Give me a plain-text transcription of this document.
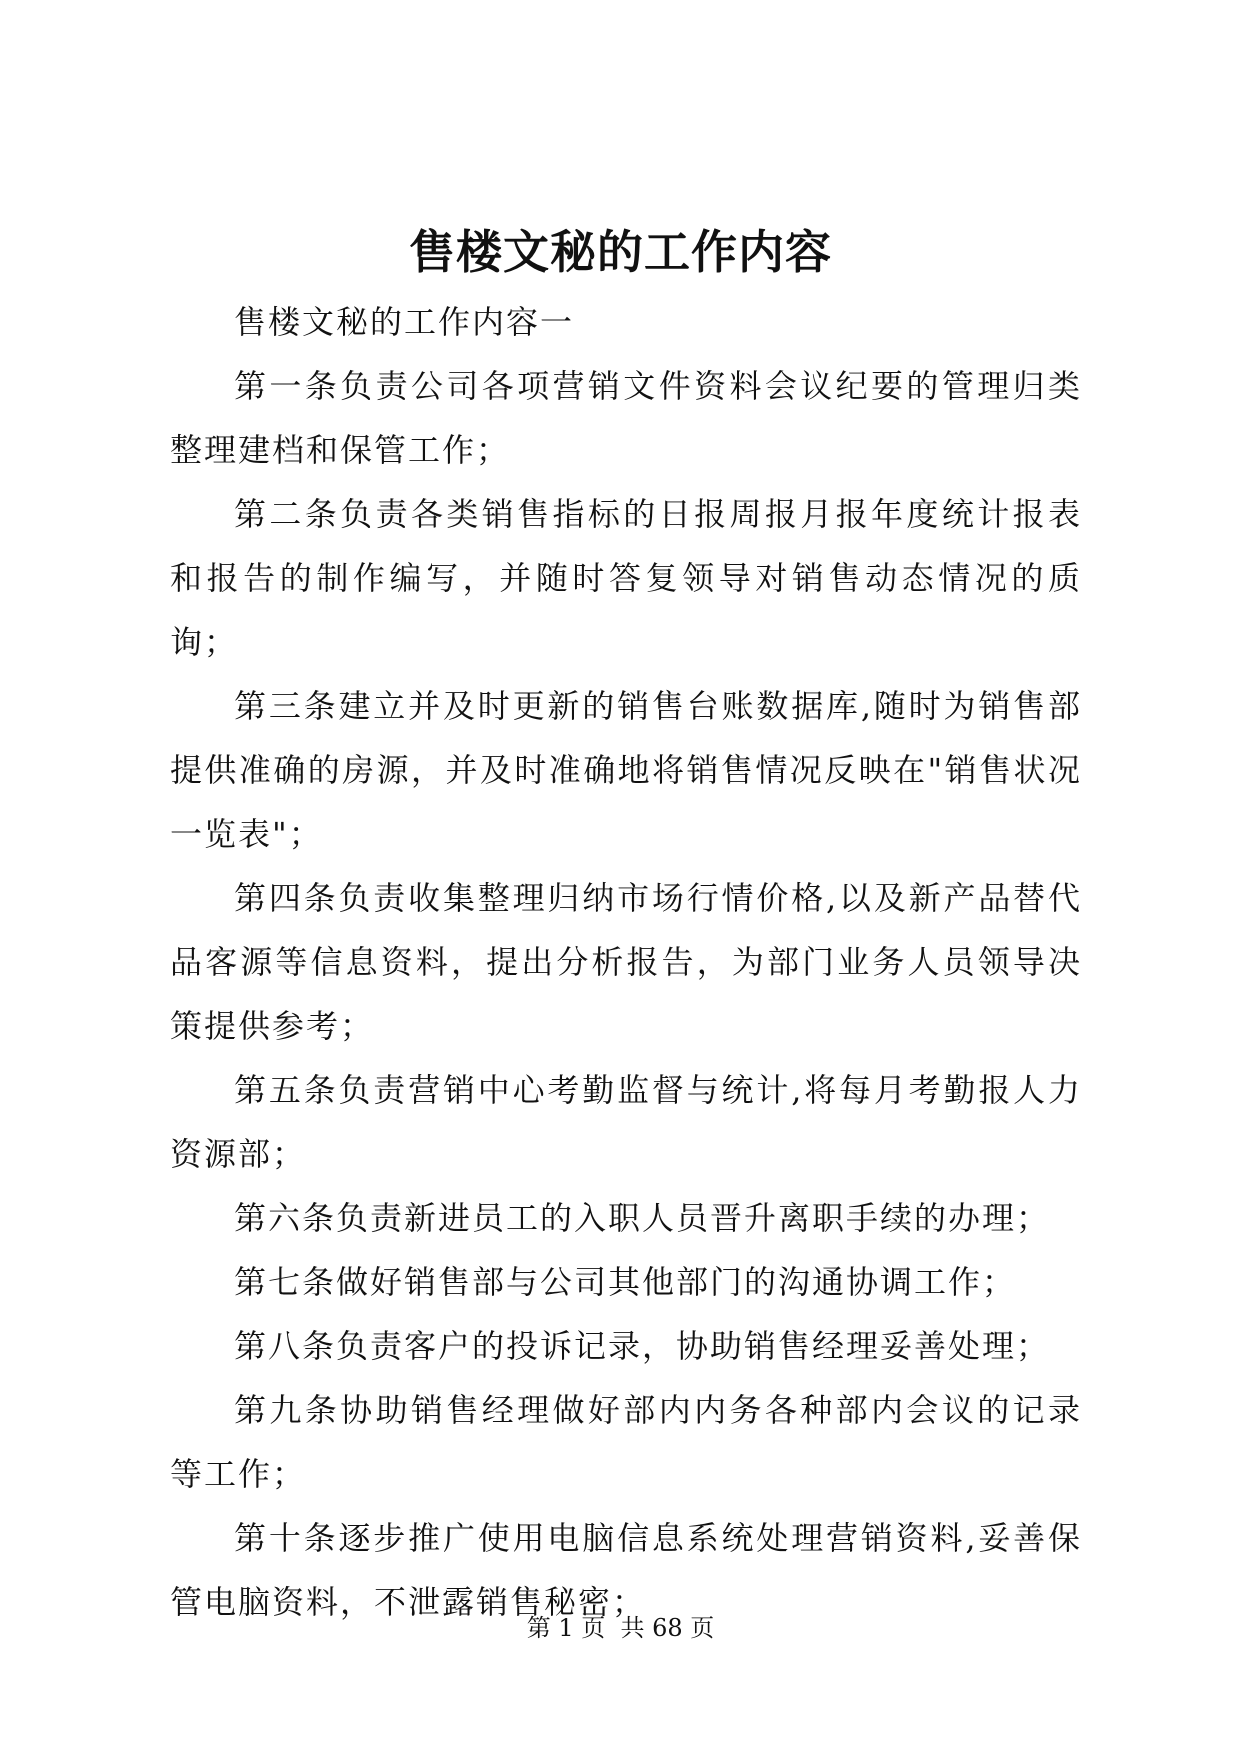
售楼文秘的工作内容

售楼文秘的工作内容一

第一条负责公司各项营销文件资料会议纪要的管理归类整理建档和保管工作；

第二条负责各类销售指标的日报周报月报年度统计报表和报告的制作编写，并随时答复领导对销售动态情况的质询；

第三条建立并及时更新的销售台账数据库,随时为销售部提供准确的房源，并及时准确地将销售情况反映在"销售状况一览表"；

第四条负责收集整理归纳市场行情价格,以及新产品替代品客源等信息资料，提出分析报告，为部门业务人员领导决策提供参考；

第五条负责营销中心考勤监督与统计,将每月考勤报人力资源部；

第六条负责新进员工的入职人员晋升离职手续的办理；

第七条做好销售部与公司其他部门的沟通协调工作；

第八条负责客户的投诉记录，协助销售经理妥善处理；

第九条协助销售经理做好部内内务各种部内会议的记录等工作；

第十条逐步推广使用电脑信息系统处理营销资料,妥善保管电脑资料，不泄露销售秘密；

第 1 页  共 68 页
